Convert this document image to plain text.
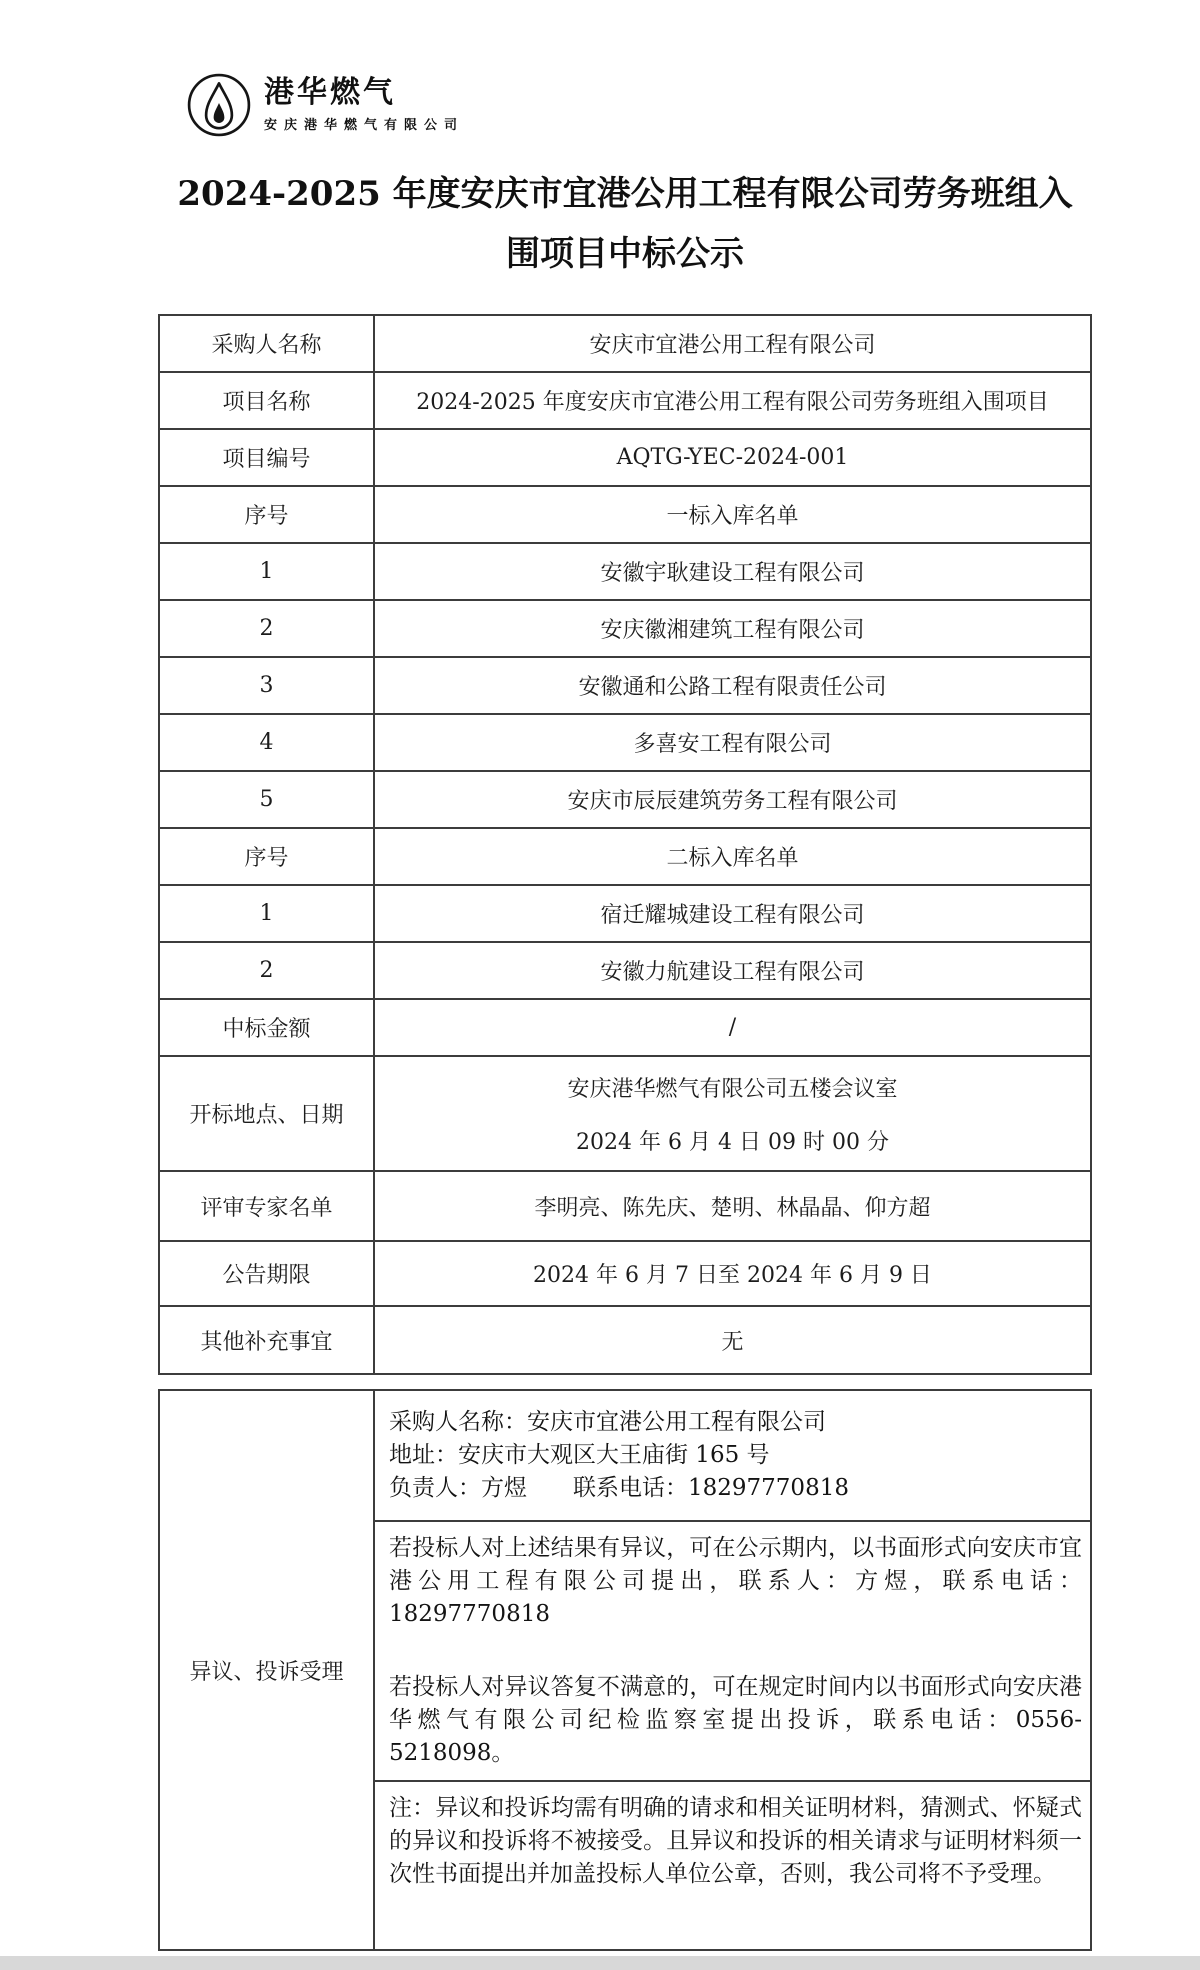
港华燃气
安庆港华燃气有限公司
2024-2025 年度安庆市宜港公用工程有限公司劳务班组入
围项目中标公示
采购人名称	安庆市宜港公用工程有限公司
项目名称	2024-2025 年度安庆市宜港公用工程有限公司劳务班组入围项目
项目编号	AQTG-YEC-2024-001
序号	一标入库名单
1	安徽宇耿建设工程有限公司
2	安庆徽湘建筑工程有限公司
3	安徽通和公路工程有限责任公司
4	多喜安工程有限公司
5	安庆市辰辰建筑劳务工程有限公司
序号	二标入库名单
1	宿迁耀城建设工程有限公司
2	安徽力航建设工程有限公司
中标金额	/
开标地点、日期	安庆港华燃气有限公司五楼会议室
2024 年 6 月 4 日 09 时 00 分

评审专家名单	李明亮、陈先庆、楚明、林晶晶、仰方超
公告期限	2024 年 6 月 7 日至 2024 年 6 月 9 日
其他补充事宜	无
异议、投诉受理	
采购人名称：安庆市宜港公用工程有限公司
地址：安庆市大观区大王庙街 165 号
负责人：方煜　　联系电话：18297770818

若投标人对上述结果有异议，可在公示期内，以书面形式向安庆市宜港公用工程有限公司提出，联系人：方煜，联系电话：18297770818

若投标人对异议答复不满意的，可在规定时间内以书面形式向安庆港华燃气有限公司纪检监察室提出投诉，联系电话：0556-5218098。

注：异议和投诉均需有明确的请求和相关证明材料，猜测式、怀疑式的异议和投诉将不被接受。且异议和投诉的相关请求与证明材料须一次性书面提出并加盖投标人单位公章，否则，我公司将不予受理。
